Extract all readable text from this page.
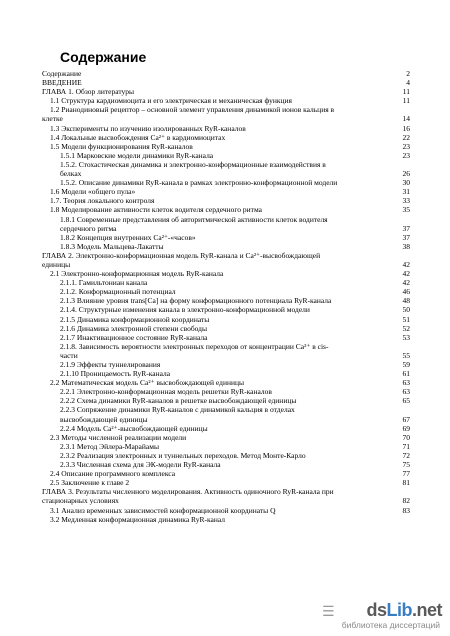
Содержание
Содержание	2
ВВЕДЕНИЕ	4
ГЛАВА 1. Обзор литературы	11
1.1 Структура кардиомиоцита и его электрическая и механическая функция	11
1.2 Рианодиновый рецептор – основной элемент управления динамикой ионов кальция в
клетке	14
1.3 Эксперименты по изучению изолированных RyR-каналов	16
1.4 Локальные высвобождения Ca²⁺ в кардиомиоцитах	22
1.5 Модели функционирования RyR-каналов	23
1.5.1 Марковские модели динамики RyR-канала	23
1.5.2. Стохастическая динамика и электронно-конформационные взаимодействия в
белках	26
1.5.2. Описание динамики RyR-канала в рамках электронно-конформационной модели	30
1.6 Модели «общего пула»	31
1.7. Теория локального контроля	33
1.8 Моделирование активности клеток водителя сердечного ритма	35
1.8.1 Современные представления об авторитмической активности клеток водителя
сердечного ритма	37
1.8.2 Концепция внутренних Ca²⁺-«часов»	37
1.8.3 Модель Мальцева-Лакатты	38
ГЛАВА 2. Электронно-конформационная модель RyR-канала и Ca²⁺-высвобождающей
единицы	42
2.1 Электронно-конформационная модель RyR-канала	42
2.1.1. Гамильтониан канала	42
2.1.2. Конформационный потенциал	46
2.1.3 Влияние уровня trans[Ca] на форму конформационного потенциала RyR-канала	48
2.1.4. Структурные изменения канала в электронно-конформационной модели	50
2.1.5 Динамика конформационной координаты	51
2.1.6 Динамика электронной степени свободы	52
2.1.7 Инактивационное состояние RyR-канала	53
2.1.8. Зависимость вероятности электронных переходов от концентрации Ca²⁺ в cis-
части	55
2.1.9 Эффекты туннелирования	59
2.1.10 Проницаемость RyR-канала	61
2.2 Математическая модель Ca²⁺ высвобождающей единицы	63
2.2.1 Электронно-конформационная модель решетки RyR-каналов	63
2.2.2 Схема динамики RyR-каналов в решетке высвобождающей единицы	65
2.2.3 Сопряжение динамики RyR-каналов с динамикой кальция в отделах
высвобождающей единицы	67
2.2.4 Модель Ca²⁺-высвобождающей единицы	69
2.3 Методы численной реализации модели	70
2.3.1 Метод Эйлера-Марайамы	71
2.3.2 Реализация электронных и туннельных переходов. Метод Монте-Карло	72
2.3.3 Численная схема для ЭК-модели RyR-канала	75
2.4 Описание программного комплекса	77
2.5 Заключение к главе 2	81
ГЛАВА 3. Результаты численного моделирования. Активность одиночного RyR-канала при
стационарных условиях	82
3.1 Анализ временных зависимостей конформационной координаты Q	83
3.2 Медленная конформационная динамика RyR-канал
☰ dsLib.net
библиотека диссертаций
